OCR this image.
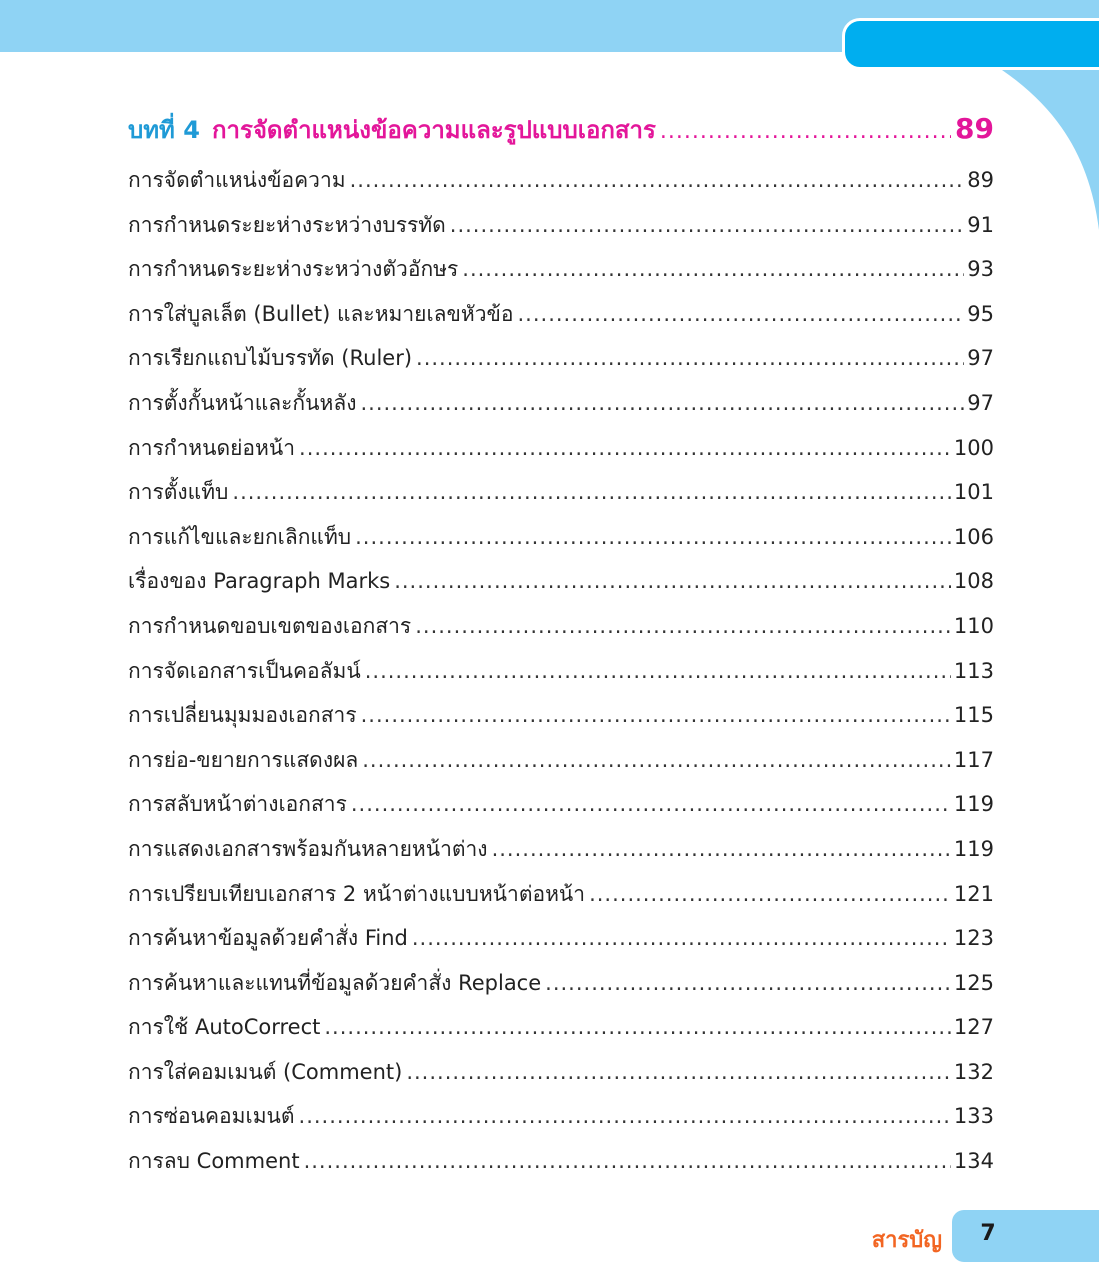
บทที่ 4 การจัดตำแหน่งข้อความและรูปแบบเอกสาร .....	89
การจัดตำแหน่งข้อความ .....	89
การกำหนดระยะห่างระหว่างบรรทัด .....	91
การกำหนดระยะห่างระหว่างตัวอักษร .....	93
การใส่บูลเล็ต (Bullet) และหมายเลขหัวข้อ .....	95
การเรียกแถบไม้บรรทัด (Ruler) .....	97
การตั้งกั้นหน้าและกั้นหลัง .....	97
การกำหนดย่อหน้า .....	100
การตั้งแท็บ .....	101
การแก้ไขและยกเลิกแท็บ .....	106
เรื่องของ Paragraph Marks .....	108
การกำหนดขอบเขตของเอกสาร .....	110
การจัดเอกสารเป็นคอลัมน์ .....	113
การเปลี่ยนมุมมองเอกสาร .....	115
การย่อ-ขยายการแสดงผล .....	117
การสลับหน้าต่างเอกสาร .....	119
การแสดงเอกสารพร้อมกันหลายหน้าต่าง .....	119
การเปรียบเทียบเอกสาร 2 หน้าต่างแบบหน้าต่อหน้า .....	121
การค้นหาข้อมูลด้วยคำสั่ง Find .....	123
การค้นหาและแทนที่ข้อมูลด้วยคำสั่ง Replace .....	125
การใช้ AutoCorrect .....	127
การใส่คอมเมนต์ (Comment) .....	132
การซ่อนคอมเมนต์ .....	133
การลบ Comment .....	134
สารบัญ	7
